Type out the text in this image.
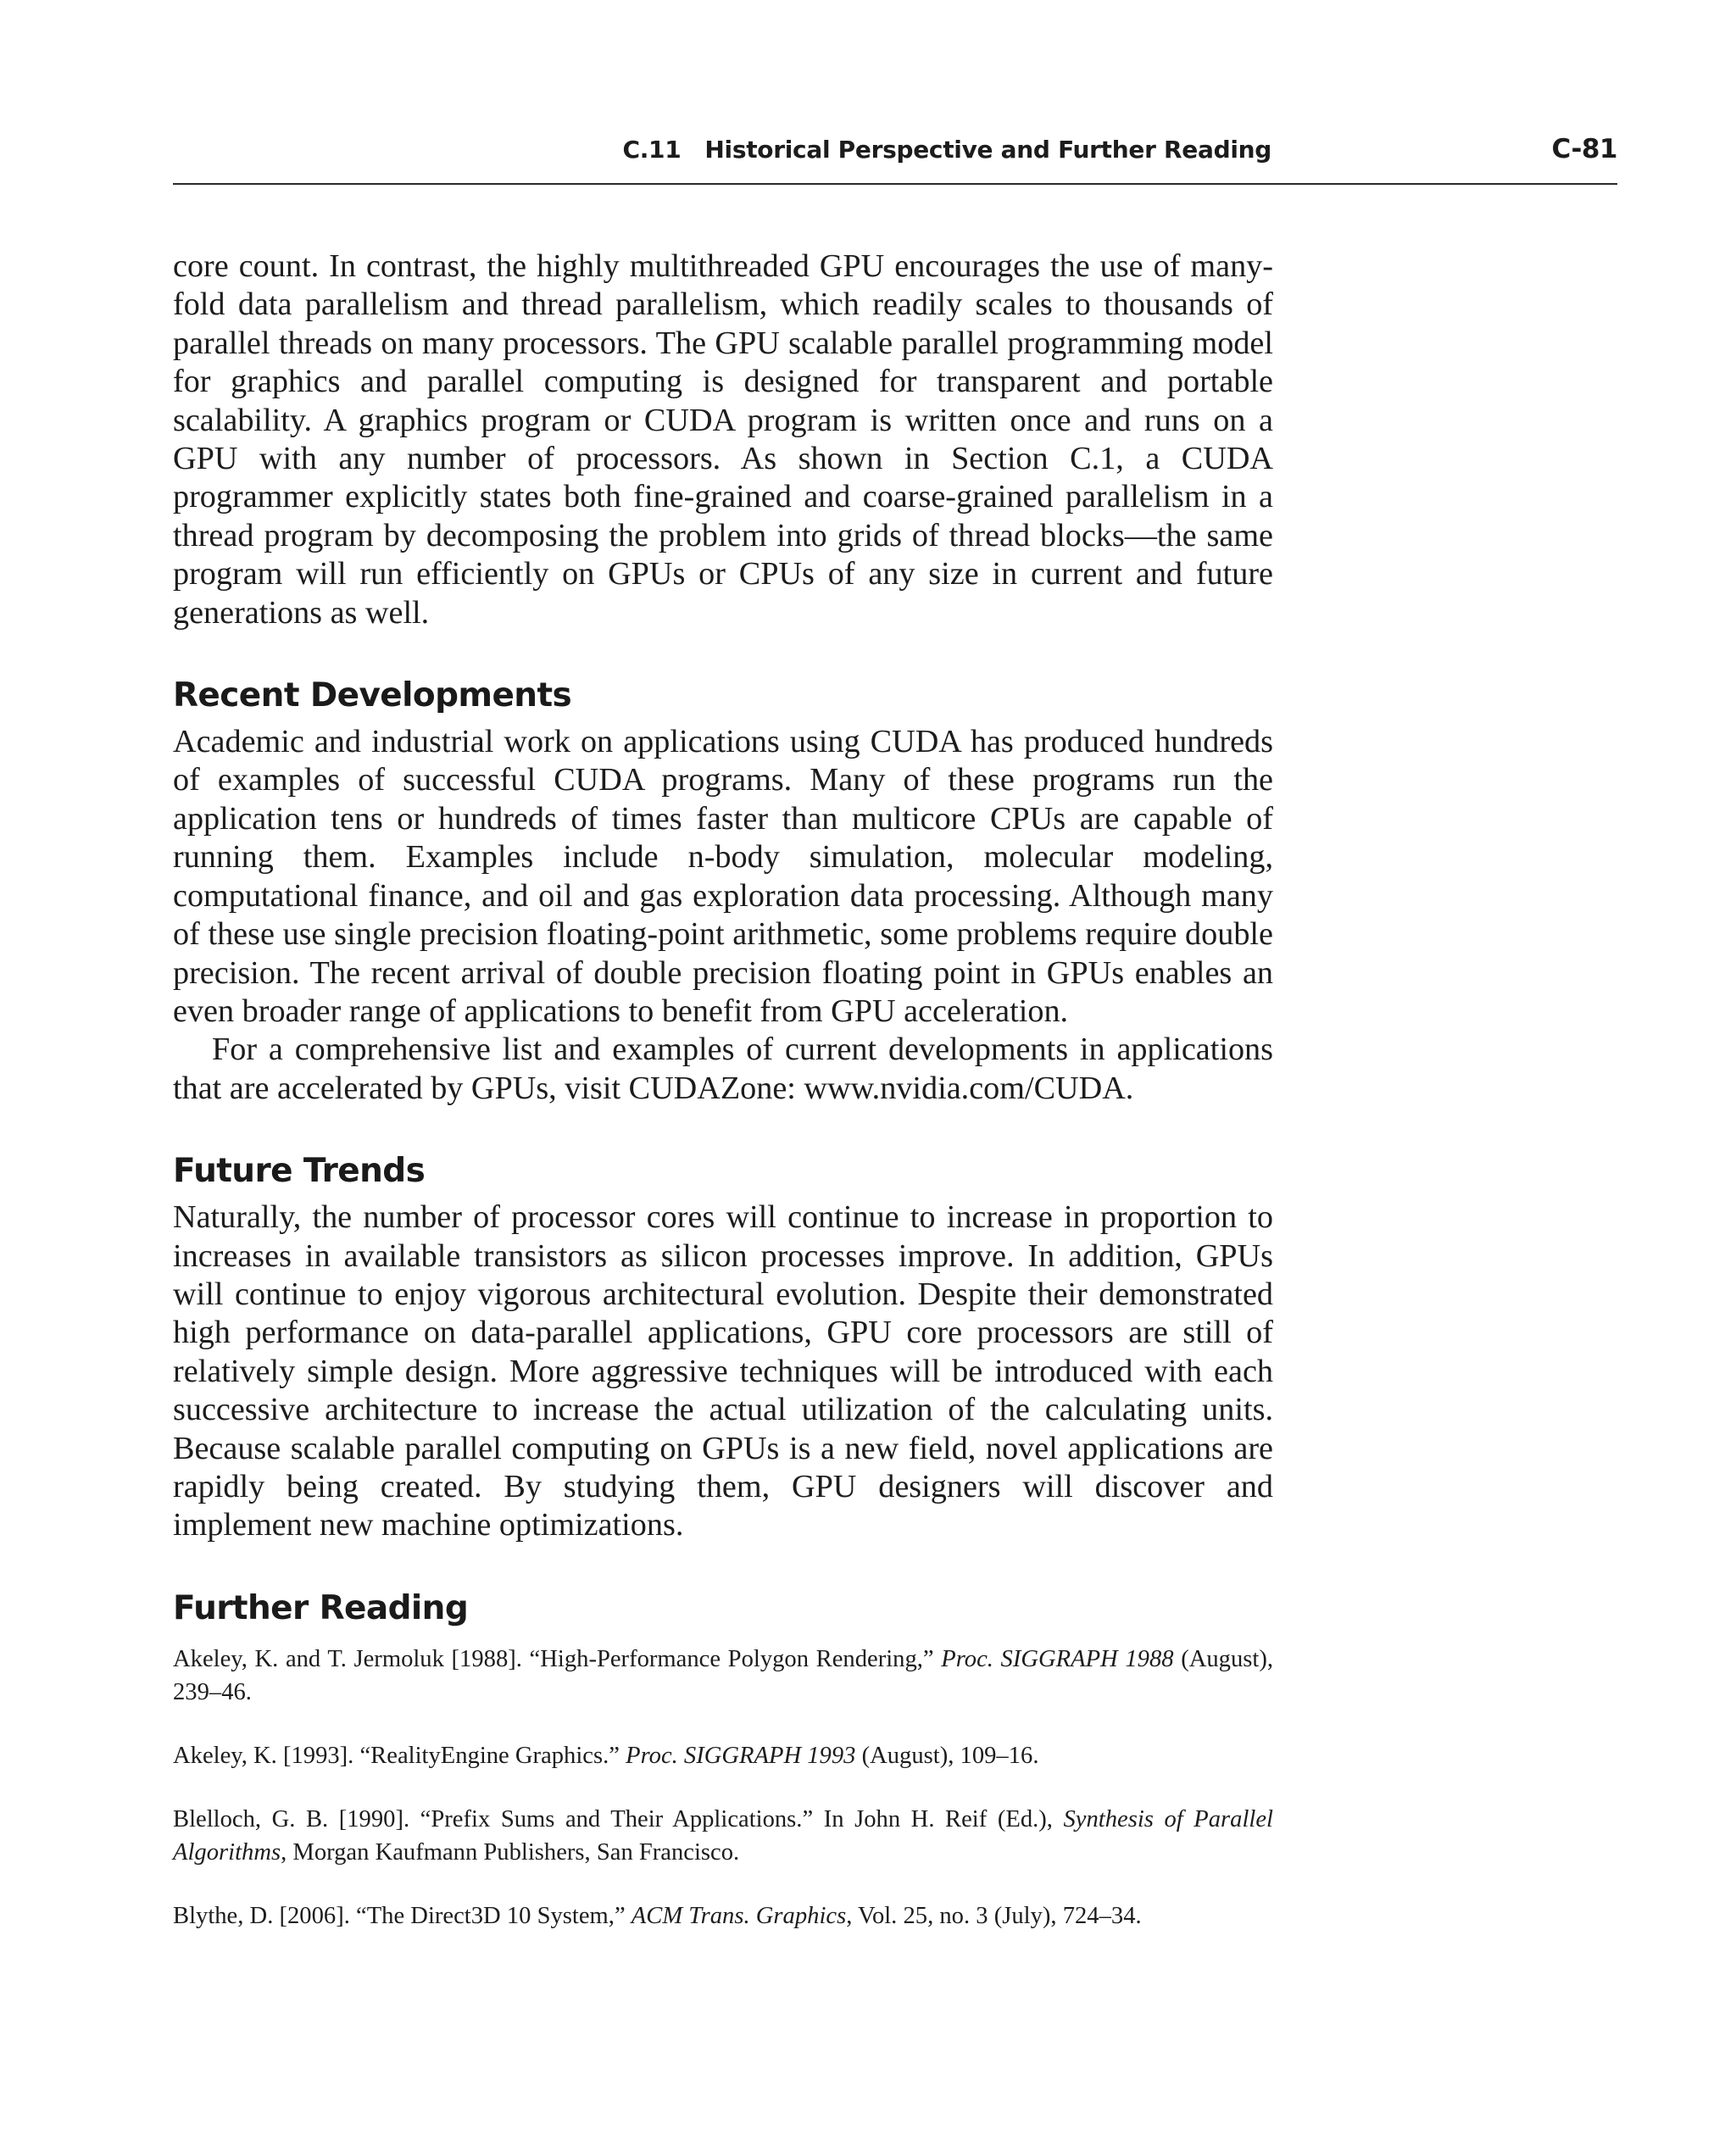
C.11 Historical Perspective and Further Reading	C-81

core count. In contrast, the highly multithreaded GPU encourages the use of many-fold data parallelism and thread parallelism, which readily scales to thousands of parallel threads on many processors. The GPU scalable parallel programming model for graphics and parallel computing is designed for transparent and portable scalability. A graphics program or CUDA program is written once and runs on a GPU with any number of processors. As shown in Section C.1, a CUDA programmer explicitly states both fine-grained and coarse-grained parallelism in a thread program by decomposing the problem into grids of thread blocks—the same program will run efficiently on GPUs or CPUs of any size in current and future generations as well.

Recent Developments

Academic and industrial work on applications using CUDA has produced hundreds of examples of successful CUDA programs. Many of these programs run the application tens or hundreds of times faster than multicore CPUs are capable of running them. Examples include n-body simulation, molecular modeling, computational finance, and oil and gas exploration data processing. Although many of these use single precision floating-point arithmetic, some problems require double precision. The recent arrival of double precision floating point in GPUs enables an even broader range of applications to benefit from GPU acceleration.

For a comprehensive list and examples of current developments in applications that are accelerated by GPUs, visit CUDAZone: www.nvidia.com/CUDA.

Future Trends

Naturally, the number of processor cores will continue to increase in proportion to increases in available transistors as silicon processes improve. In addition, GPUs will continue to enjoy vigorous architectural evolution. Despite their demonstrated high performance on data-parallel applications, GPU core processors are still of relatively simple design. More aggressive techniques will be introduced with each successive architecture to increase the actual utilization of the calculating units. Because scalable parallel computing on GPUs is a new field, novel applications are rapidly being created. By studying them, GPU designers will discover and implement new machine optimizations.

Further Reading
Akeley, K. and T. Jermoluk [1988]. “High-Performance Polygon Rendering,” Proc. SIGGRAPH 1988 (August), 239–46.
Akeley, K. [1993]. “RealityEngine Graphics.” Proc. SIGGRAPH 1993 (August), 109–16.
Blelloch, G. B. [1990]. “Prefix Sums and Their Applications.” In John H. Reif (Ed.), Synthesis of Parallel Algorithms, Morgan Kaufmann Publishers, San Francisco.
Blythe, D. [2006]. “The Direct3D 10 System,” ACM Trans. Graphics, Vol. 25, no. 3 (July), 724–34.
